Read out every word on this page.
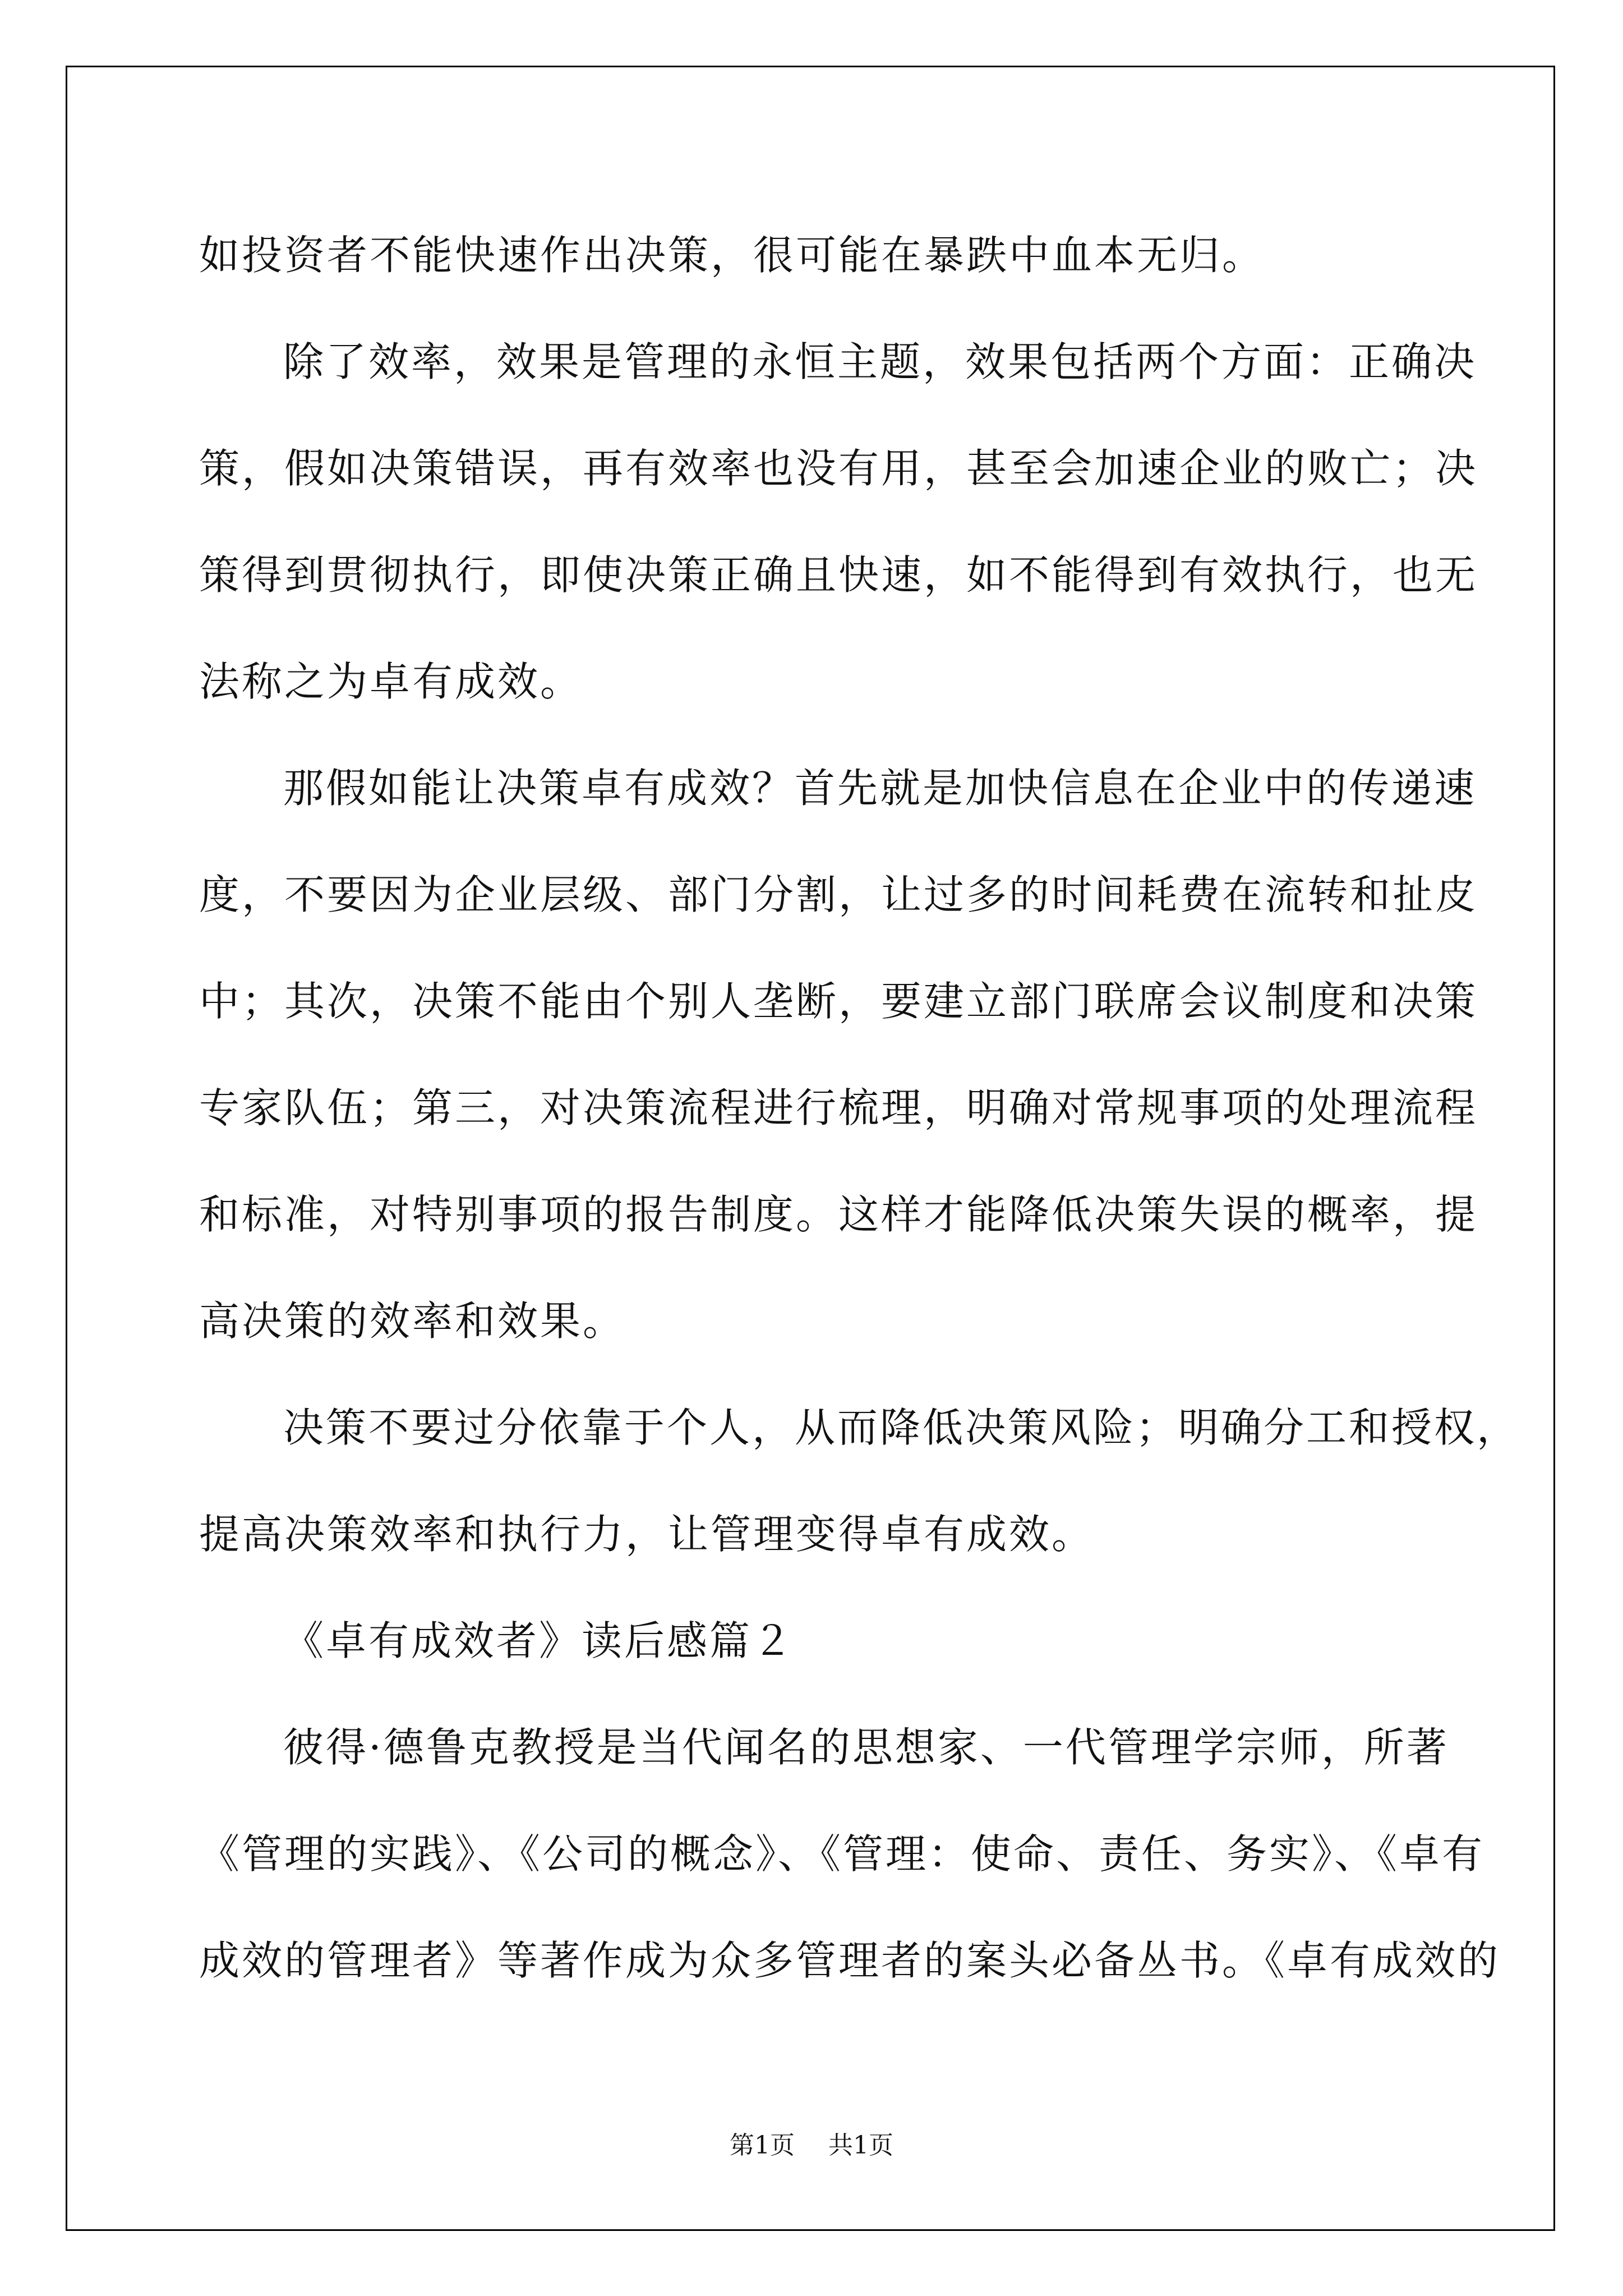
如投资者不能快速作出决策，很可能在暴跌中血本无归。

除了效率，效果是管理的永恒主题，效果包括两个方面：正确决

策，假如决策错误，再有效率也没有用，甚至会加速企业的败亡；决

策得到贯彻执行，即使决策正确且快速，如不能得到有效执行，也无

法称之为卓有成效。

那假如能让决策卓有成效？首先就是加快信息在企业中的传递速

度，不要因为企业层级、部门分割，让过多的时间耗费在流转和扯皮

中；其次，决策不能由个别人垄断，要建立部门联席会议制度和决策

专家队伍；第三，对决策流程进行梳理，明确对常规事项的处理流程

和标准，对特别事项的报告制度。这样才能降低决策失误的概率，提

高决策的效率和效果。

决策不要过分依靠于个人，从而降低决策风险；明确分工和授权，

提高决策效率和执行力，让管理变得卓有成效。

《卓有成效者》读后感篇２

彼得·德鲁克教授是当代闻名的思想家、一代管理学宗师，所著

《管理的实践》、《公司的概念》、《管理：使命、责任、务实》、《卓有

成效的管理者》等著作成为众多管理者的案头必备丛书。《卓有成效的

第1页 共1页
